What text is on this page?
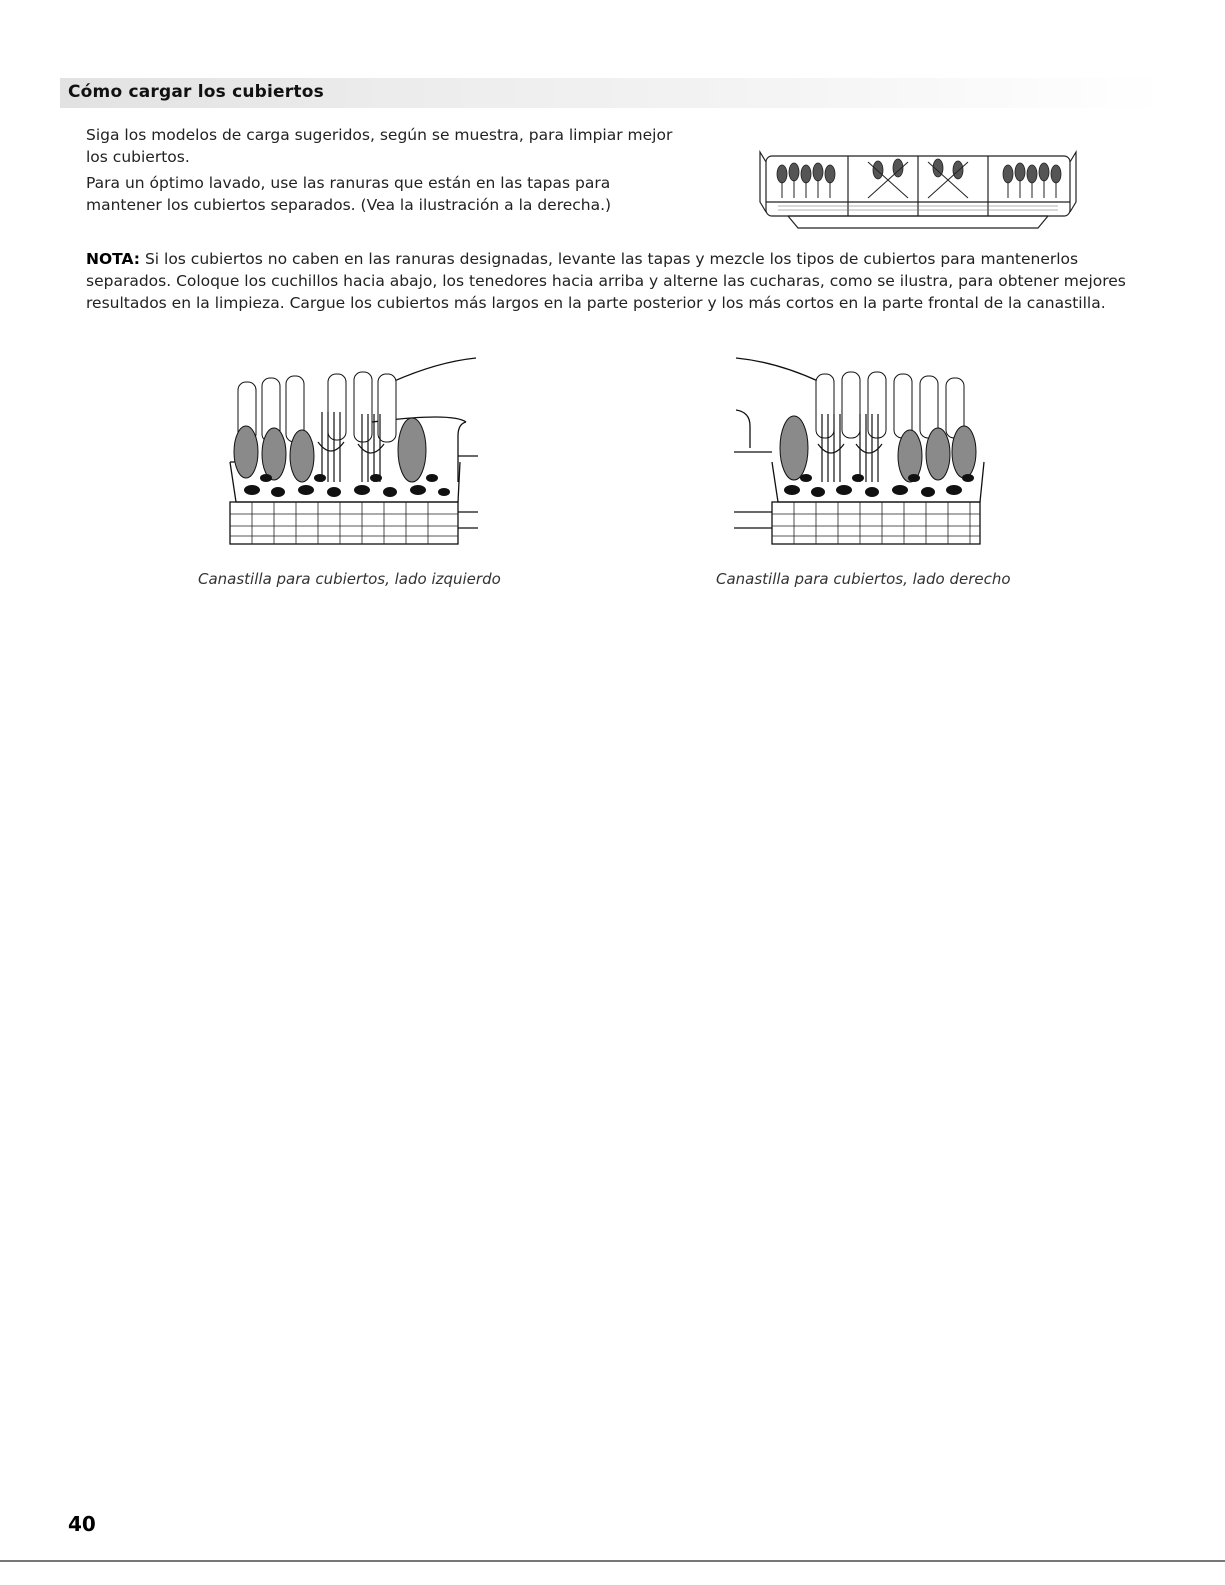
Cómo cargar los cubiertos
Siga los modelos de carga sugeridos, según se muestra, para limpiar mejor los cubiertos.
Para un óptimo lavado, use las ranuras que están en las tapas para mantener los cubiertos separados. (Vea la ilustración a la derecha.)
NOTA: Si los cubiertos no caben en las ranuras designadas, levante las tapas y mezcle los tipos de cubiertos para mantenerlos separados. Coloque los cuchillos hacia abajo, los tenedores hacia arriba y alterne las cucharas, como se ilustra, para obtener mejores resultados en la limpieza. Cargue los cubiertos más largos en la parte posterior y los más cortos en la parte frontal de la canastilla.
Canastilla para cubiertos, lado izquierdo	Canastilla para cubiertos, lado derecho
40
